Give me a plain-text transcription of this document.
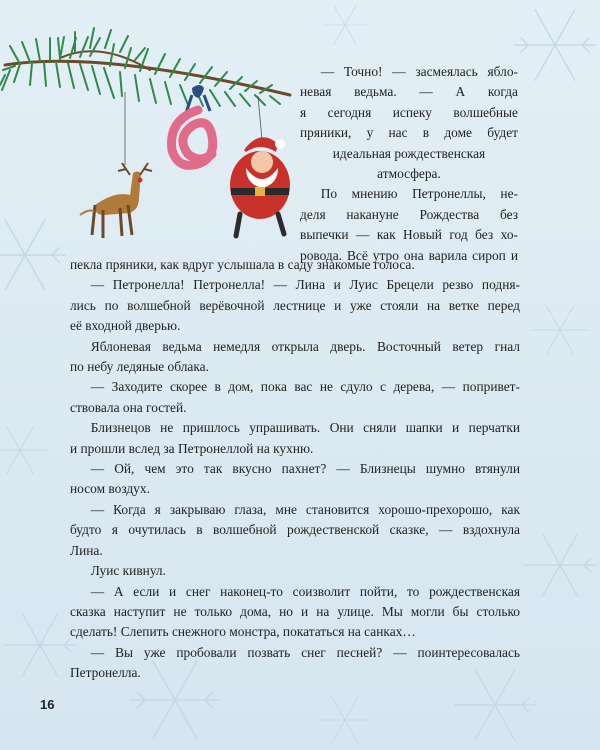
— Точно! — засмеялась ябло-
невая ведьма. — А когда
я сегодня испеку волшебные
пряники, у нас в доме будет
идеальная рождественская
атмосфера.

По мнению Петронеллы, не-
деля накануне Рождества без
выпечки — как Новый год без хо-
ровода. Всё утро она варила сироп и

пекла пряники, как вдруг услышала в саду знакомые голоса.

— Петронелла! Петронелла! — Лина и Луис Брецели резво подня-
лись по волшебной верёвочной лестнице и уже стояли на ветке перед
её входной дверью.

Яблоневая ведьма немедля открыла дверь. Восточный ветер гнал
по небу ледяные облака.

— Заходите скорее в дом, пока вас не сдуло с дерева, — попривет-
ствовала она гостей.

Близнецов не пришлось упрашивать. Они сняли шапки и перчатки
и прошли вслед за Петронеллой на кухню.

— Ой, чем это так вкусно пахнет? — Близнецы шумно втянули
носом воздух.

— Когда я закрываю глаза, мне становится хорошо-прехорошо, как
будто я очутилась в волшебной рождественской сказке, — вздохнула
Лина.

Луис кивнул.

— А если и снег наконец-то соизволит пойти, то рождественская
сказка наступит не только дома, но и на улице. Мы могли бы столько
сделать! Слепить снежного монстра, покататься на санках…

— Вы уже пробовали позвать снег песней? — поинтересовалась
Петронелла.

16
